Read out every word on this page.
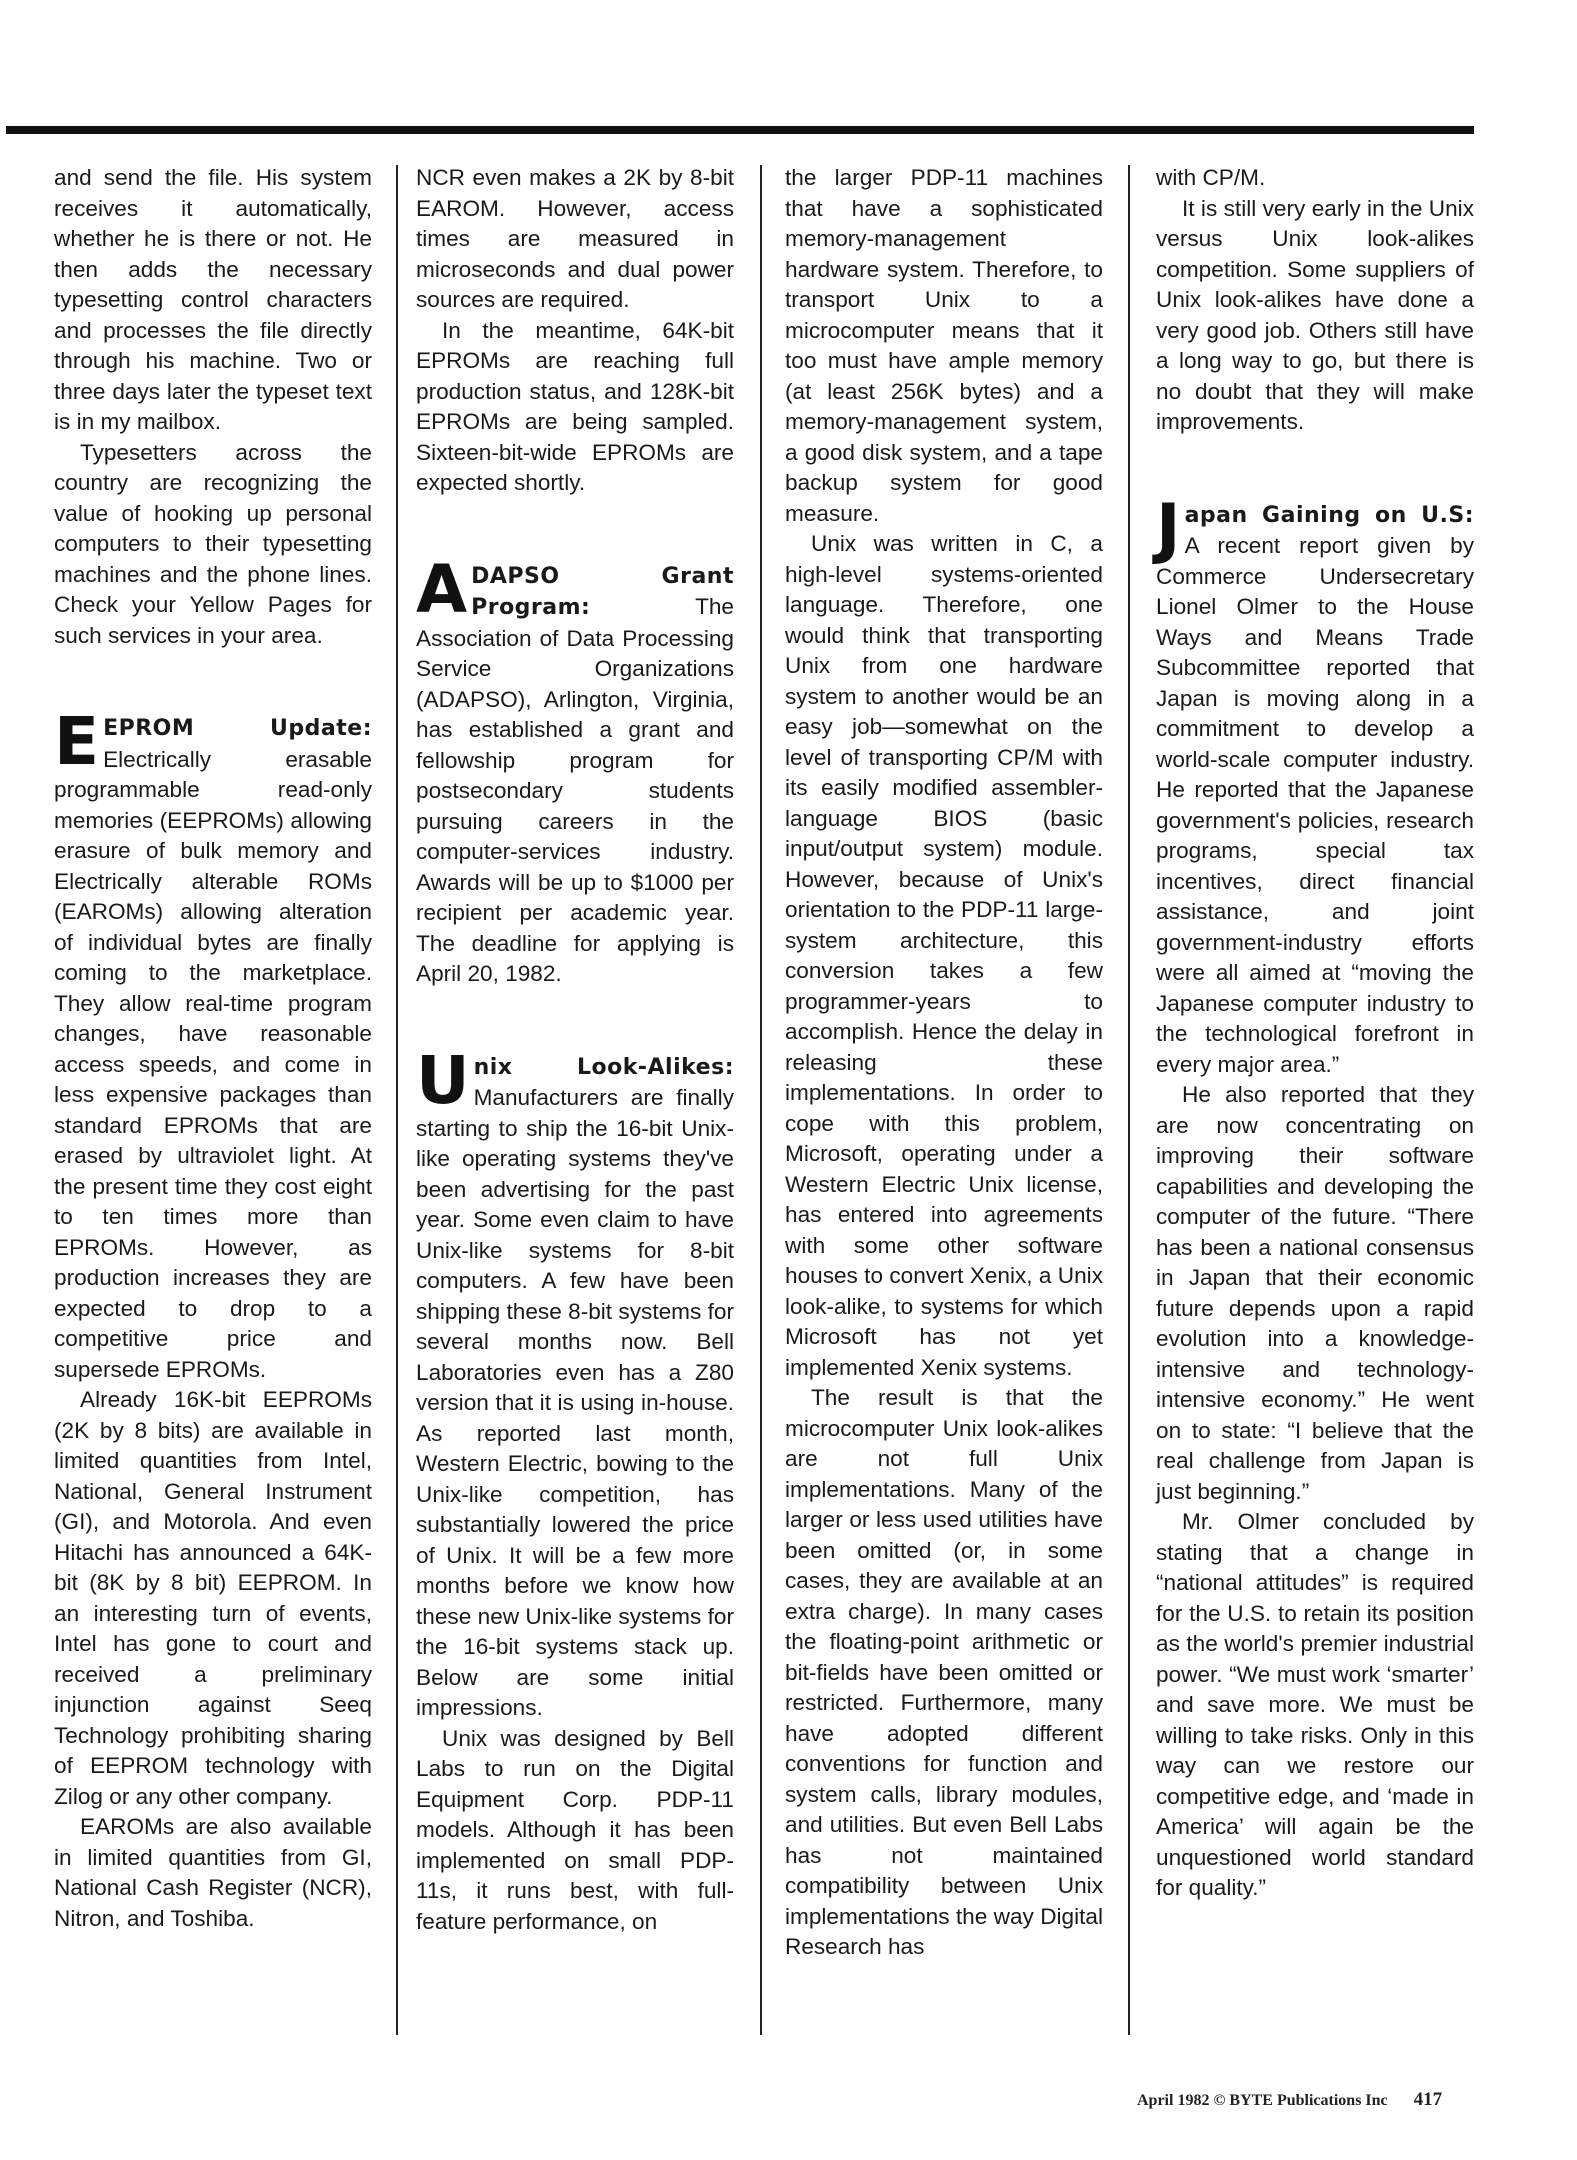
and send the file. His system receives it automatically, whether he is there or not. He then adds the necessary typesetting control characters and processes the file directly through his machine. Two or three days later the typeset text is in my mailbox.

Typesetters across the country are recognizing the value of hooking up personal computers to their typesetting machines and the phone lines. Check your Yellow Pages for such services in your area.

EEPROM Update: Electrically erasable programmable read-only memories (EEPROMs) allowing erasure of bulk memory and Electrically alterable ROMs (EAROMs) allowing alteration of individual bytes are finally coming to the marketplace. They allow real-time program changes, have reasonable access speeds, and come in less expensive packages than standard EPROMs that are erased by ultraviolet light. At the present time they cost eight to ten times more than EPROMs. However, as production increases they are expected to drop to a competitive price and supersede EPROMs.

Already 16K-bit EEPROMs (2K by 8 bits) are available in limited quantities from Intel, National, General Instrument (GI), and Motorola. And even Hitachi has announced a 64K-bit (8K by 8 bit) EEPROM. In an interesting turn of events, Intel has gone to court and received a preliminary injunction against Seeq Technology prohibiting sharing of EEPROM technology with Zilog or any other company.

EAROMs are also available in limited quantities from GI, National Cash Register (NCR), Nitron, and Toshiba.

NCR even makes a 2K by 8-bit EAROM. However, access times are measured in microseconds and dual power sources are required.

In the meantime, 64K-bit EPROMs are reaching full production status, and 128K-bit EPROMs are being sampled. Sixteen-bit-wide EPROMs are expected shortly.

ADAPSO Grant Program:	The Association of Data Processing Service Organizations (ADAPSO), Arlington, Virginia, has established a grant and fellowship program for postsecondary students pursuing careers in the computer-services industry. Awards will be up to $1000 per recipient per academic year. The deadline for applying is April 20, 1982.

Unix Look-Alikes: Manufacturers are finally starting to ship the 16-bit Unix-like operating systems they've been advertising for the past year. Some even claim to have Unix-like systems for 8-bit computers. A few have been shipping these 8-bit systems for several months now. Bell Laboratories even has a Z80 version that it is using in-house. As reported last month, Western Electric, bowing to the Unix-like competition, has substantially lowered the price of Unix. It will be a few more months before we know how these new Unix-like systems for the 16-bit systems stack up. Below are some initial impressions.

Unix was designed by Bell Labs to run on the Digital Equipment Corp. PDP-11 models. Although it has been implemented on small PDP-11s, it runs best, with full-feature performance, on

the larger PDP-11 machines that have a sophisticated memory-management hardware system. Therefore, to transport Unix to a microcomputer means that it too must have ample memory (at least 256K bytes) and a memory-management system, a good disk system, and a tape backup system for good measure.

Unix was written in C, a high-level systems-oriented language. Therefore, one would think that transporting Unix from one hardware system to another would be an easy job—somewhat on the level of transporting CP/M with its easily modified assembler-language BIOS (basic input/output system) module. However, because of Unix's orientation to the PDP-11 large-system architecture, this conversion takes a few programmer-years to accomplish. Hence the delay in releasing these implementations. In order to cope with this problem, Microsoft, operating under a Western Electric Unix license, has entered into agreements with some other software houses to convert Xenix, a Unix look-alike, to systems for which Microsoft has not yet implemented Xenix systems.

The result is that the microcomputer Unix look-alikes are not full Unix implementations. Many of the larger or less used utilities have been omitted (or, in some cases, they are available at an extra charge). In many cases the floating-point arithmetic or bit-fields have been omitted or restricted. Furthermore, many have adopted different conventions for function and system calls, library modules, and utilities. But even Bell Labs has not maintained compatibility between Unix implementations the way Digital Research has

with CP/M.

It is still very early in the Unix versus Unix look-alikes competition. Some suppliers of Unix look-alikes have done a very good job. Others still have a long way to go, but there is no doubt that they will make improvements.

Japan Gaining on U.S: A recent report given by Commerce Undersecretary Lionel Olmer to the House Ways and Means Trade Subcommittee reported that Japan is moving along in a commitment to develop a world-scale computer industry. He reported that the Japanese government's policies, research programs, special tax incentives, direct financial assistance, and joint government-industry efforts were all aimed at “moving the Japanese computer industry to the technological forefront in every major area.”

He also reported that they are now concentrating on improving their software capabilities and developing the computer of the future. “There has been a national consensus in Japan that their economic future depends upon a rapid evolution into a knowledge-intensive and technology-intensive economy.” He went on to state: “I believe that the real challenge from Japan is just beginning.”

Mr. Olmer concluded by stating that a change in “national attitudes” is required for the U.S. to retain its position as the world's premier industrial power. “We must work ‘smarter’ and save more. We must be willing to take risks. Only in this way can we restore our competitive edge, and ‘made in America’ will again be the unquestioned world standard for quality.”

April 1982 © BYTE Publications Inc 417
